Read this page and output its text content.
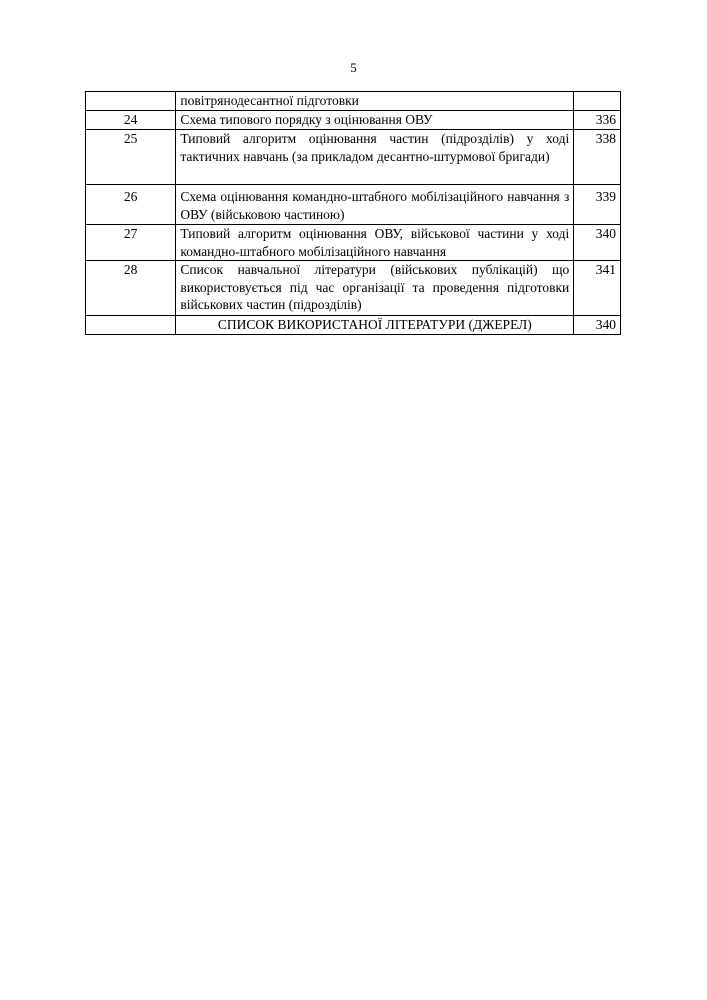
5
	повітрянодесантної підготовки	
24	Схема типового порядку з оцінювання ОВУ	336
25	Типовий алгоритм оцінювання частин (підрозділів) у ході тактичних навчань (за прикладом десантно-штурмової бригади)	338
26	Схема оцінювання командно-штабного мобілізаційного навчання з ОВУ (військовою частиною)	339
27	Типовий алгоритм оцінювання ОВУ, військової частини у ході командно-штабного мобілізаційного навчання	340
28	Список навчальної літератури (військових публікацій) що використовується під час організації та проведення підготовки військових частин (підрозділів)	341
	СПИСОК ВИКОРИСТАНОЇ ЛІТЕРАТУРИ (ДЖЕРЕЛ)	340
